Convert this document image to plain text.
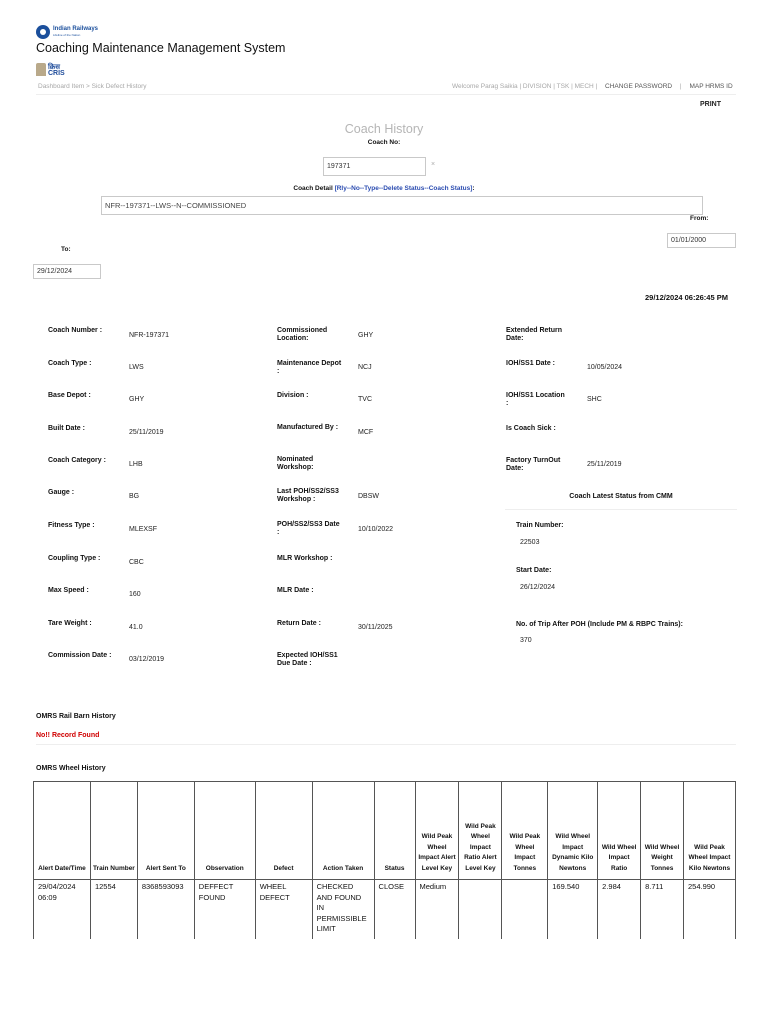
Indian Railways
Lifeline of the Nation
Coaching Maintenance Management System
क्रिस
CRIS
Dashboard Item > Sick Defect History	Welcome Parag Saikia | DIVISION | TSK | MECH | CHANGE PASSWORD | MAP HRMS ID
PRINT
Coach History
Coach No:
197371	×
Coach Detail [Rly--No--Type--Delete Status--Coach Status]:
NFR--197371--LWS--N--COMMISSIONED
From:
01/01/2000
To:
29/12/2024
29/12/2024 06:26:45 PM
Coach Number :
NFR-197371
Coach Type :
LWS
Base Depot :
GHY
Built Date :
25/11/2019
Coach Category :
LHB
Gauge :
BG
Fitness Type :
MLEXSF
Coupling Type :
CBC
Max Speed :
160
Tare Weight :
41.0
Commission Date :
03/12/2019
Commissioned Location:	GHY
Maintenance Depot :
NCJ
Division :
TVC
Manufactured By :
MCF
Nominated Workshop:
Last POH/SS2/SS3 Workshop :	DBSW
POH/SS2/SS3 Date :	10/10/2022
MLR Workshop :
MLR Date :
Return Date :
30/11/2025
Expected IOH/SS1 Due Date :
Extended Return Date:
IOH/SS1 Date :
10/05/2024
IOH/SS1 Location :
SHC
Is Coach Sick :
Factory TurnOut Date:
25/11/2019
Coach Latest Status from CMM
Train Number:
22503
Start Date:
26/12/2024
No. of Trip After POH (Include PM & RBPC Trains):
370
OMRS Rail Barn History
No!! Record Found
OMRS Wheel History
Alert Date/Time	Train Number	Alert Sent To	Observation	Defect	Action Taken	Status	Wild Peak Wheel Impact Alert Level Key	Wild Peak Wheel Impact Ratio Alert Level Key	Wild Peak Wheel Impact Tonnes	Wild Wheel Impact Dynamic Kilo Newtons	Wild Wheel Impact Ratio	Wild Wheel Weight Tonnes	Wild Peak Wheel Impact Kilo Newtons
29/04/2024 06:09	12554	8368593093	DEFFECT FOUND	WHEEL DEFECT	CHECKED AND FOUND IN PERMISSIBLE LIMIT	CLOSE	Medium			169.540	2.984	8.711	254.990
